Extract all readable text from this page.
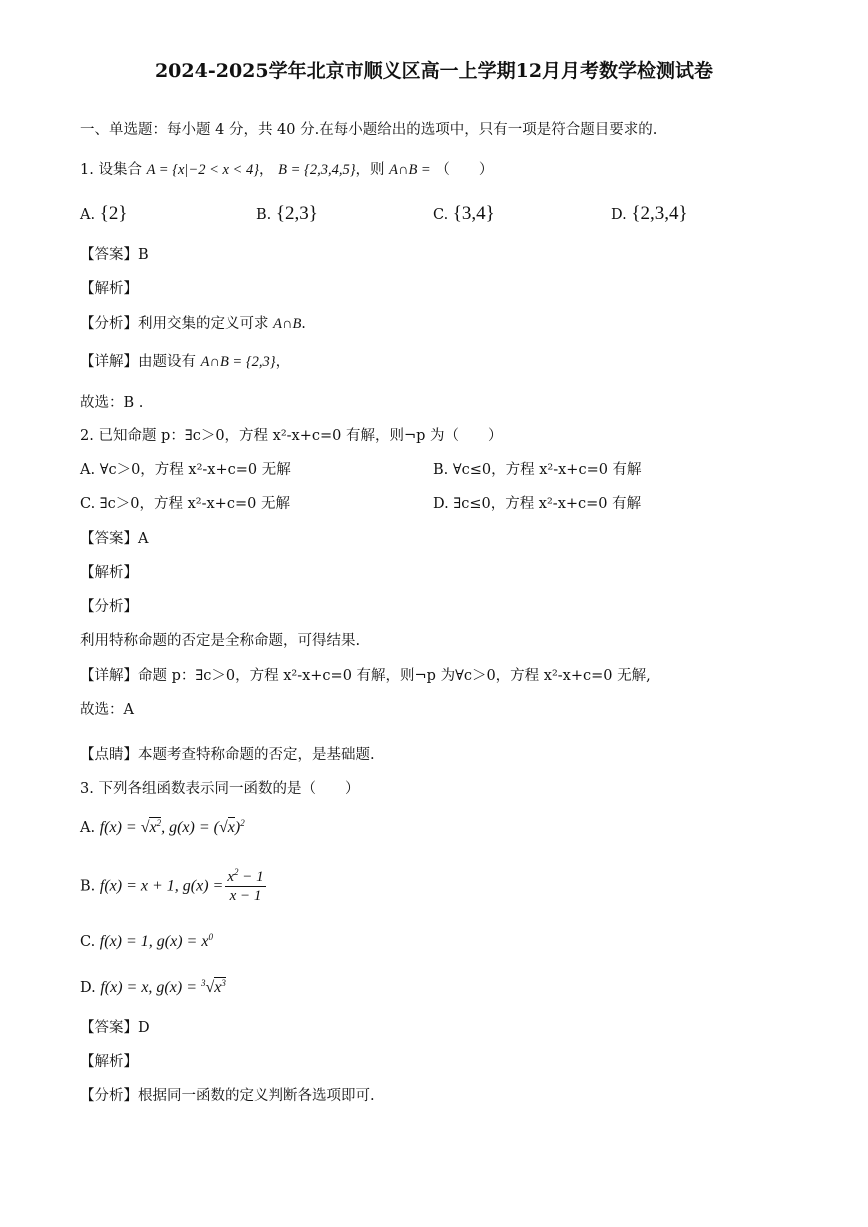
2024-2025学年北京市顺义区高一上学期12月月考数学检测试卷
一、单选题：每小题 4 分，共 40 分.在每小题给出的选项中，只有一项是符合题目要求的.
1. 设集合 A = {x|−2 < x < 4}， B = {2,3,4,5}，则 A∩B = （　　）
A. {2}	B. {2,3}	C. {3,4}	D. {2,3,4}
【答案】B
【解析】
【分析】利用交集的定义可求 A∩B.
【详解】由题设有 A∩B = {2,3}，
故选：B .
2. 已知命题 p：∃c＞0，方程 x²-x+c=0 有解，则¬p 为（　　）
A. ∀c＞0，方程 x²-x+c=0 无解	B. ∀c≤0，方程 x²-x+c=0 有解
C. ∃c＞0，方程 x²-x+c=0 无解	D. ∃c≤0，方程 x²-x+c=0 有解
【答案】A
【解析】
【分析】
利用特称命题的否定是全称命题，可得结果.
【详解】命题 p：∃c＞0，方程 x²-x+c=0 有解，则¬p 为∀c＞0，方程 x²-x+c=0 无解,
故选：A
【点睛】本题考查特称命题的否定，是基础题.
3. 下列各组函数表示同一函数的是（　　）
A. $f(x) = √x^2$, $g(x) = (√x)^2$
B. f(x) = x + 1, $g(x) = \frac{x^2 - 1}{x - 1}$
C. f(x) = 1, $g(x) = x^0$
D. f(x) = x, $g(x) = ^3√x^3$
【答案】D
【解析】
【分析】根据同一函数的定义判断各选项即可.
